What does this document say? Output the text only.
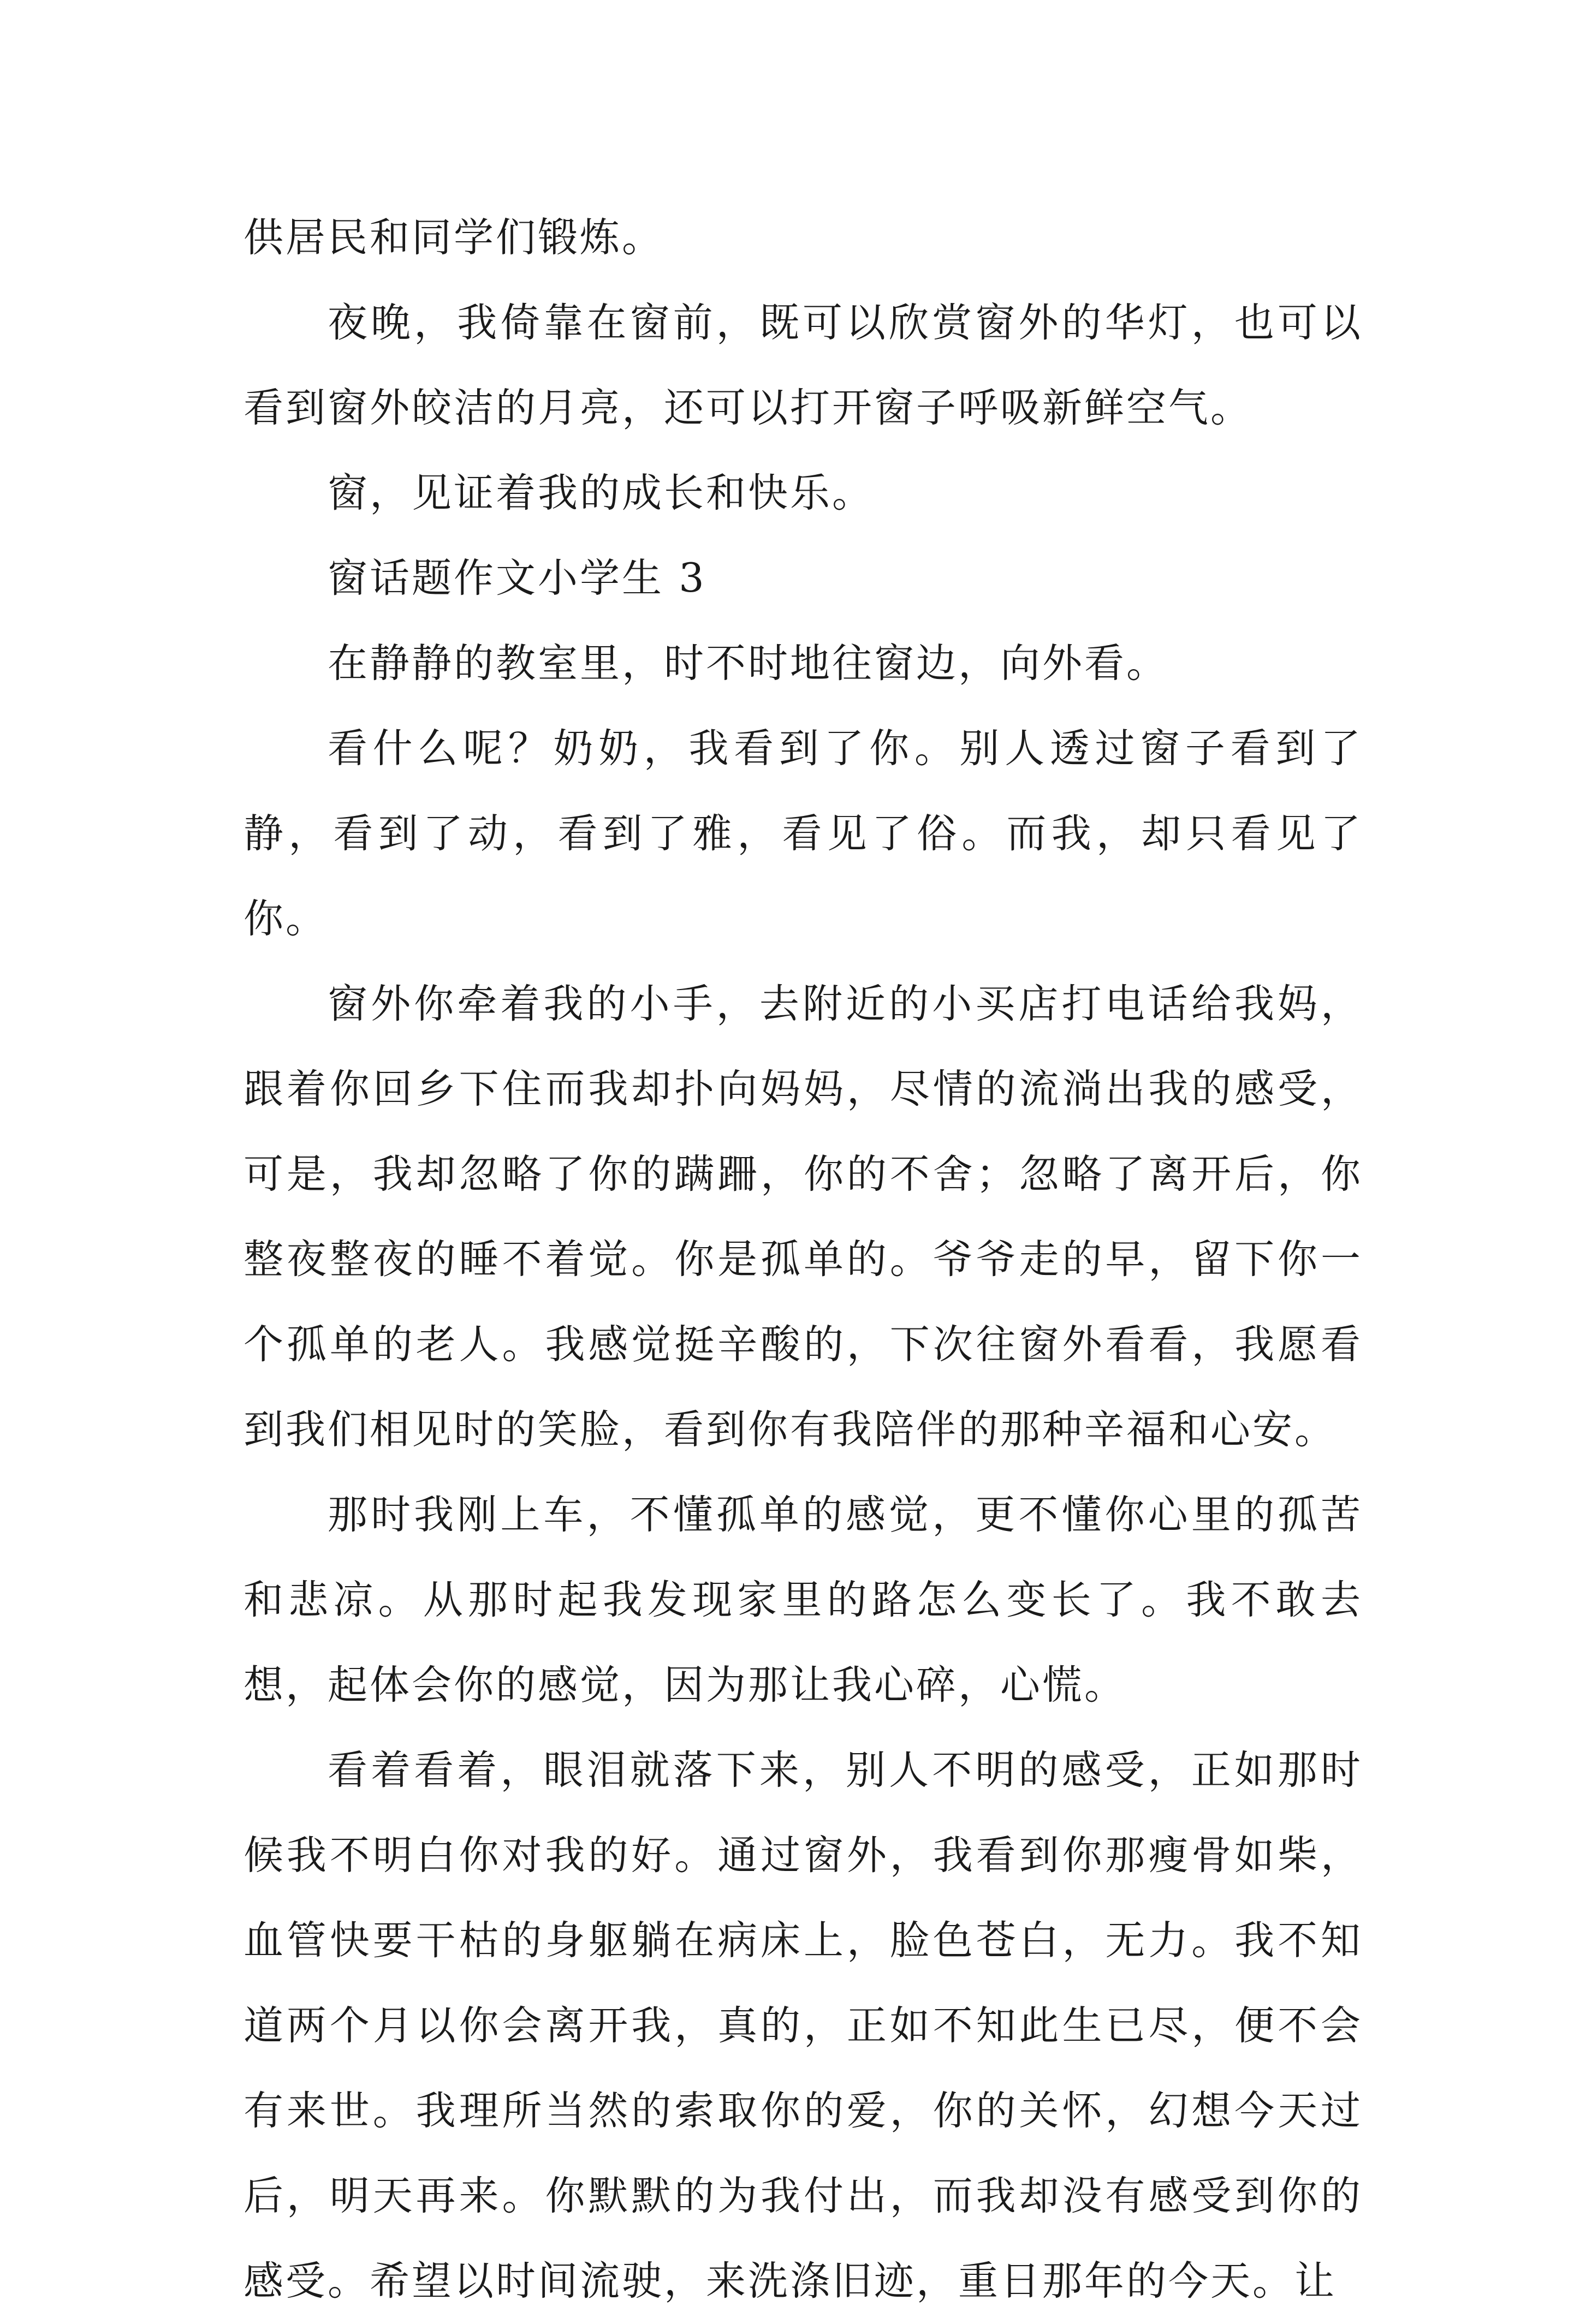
供居民和同学们锻炼。

夜晚，我倚靠在窗前，既可以欣赏窗外的华灯，也可以看到窗外皎洁的月亮，还可以打开窗子呼吸新鲜空气。

窗，见证着我的成长和快乐。

窗话题作文小学生 3

在静静的教室里，时不时地往窗边，向外看。

看什么呢？奶奶，我看到了你。别人透过窗子看到了静，看到了动，看到了雅，看见了俗。而我，却只看见了你。

窗外你牵着我的小手，去附近的小买店打电话给我妈，跟着你回乡下住而我却扑向妈妈，尽情的流淌出我的感受，可是，我却忽略了你的蹒跚，你的不舍；忽略了离开后，你整夜整夜的睡不着觉。你是孤单的。爷爷走的早，留下你一个孤单的老人。我感觉挺辛酸的，下次往窗外看看，我愿看到我们相见时的笑脸，看到你有我陪伴的那种辛福和心安。

那时我刚上车，不懂孤单的感觉，更不懂你心里的孤苦和悲凉。从那时起我发现家里的路怎么变长了。我不敢去想，起体会你的感觉，因为那让我心碎，心慌。

看着看着，眼泪就落下来，别人不明的感受，正如那时候我不明白你对我的好。通过窗外，我看到你那瘦骨如柴，血管快要干枯的身躯躺在病床上，脸色苍白，无力。我不知道两个月以你会离开我，真的，正如不知此生已尽，便不会有来世。我理所当然的索取你的爱，你的关怀，幻想今天过后，明天再来。你默默的为我付出，而我却没有感受到你的感受。希望以时间流驶，来洗涤旧迹，重日那年的今天。让
